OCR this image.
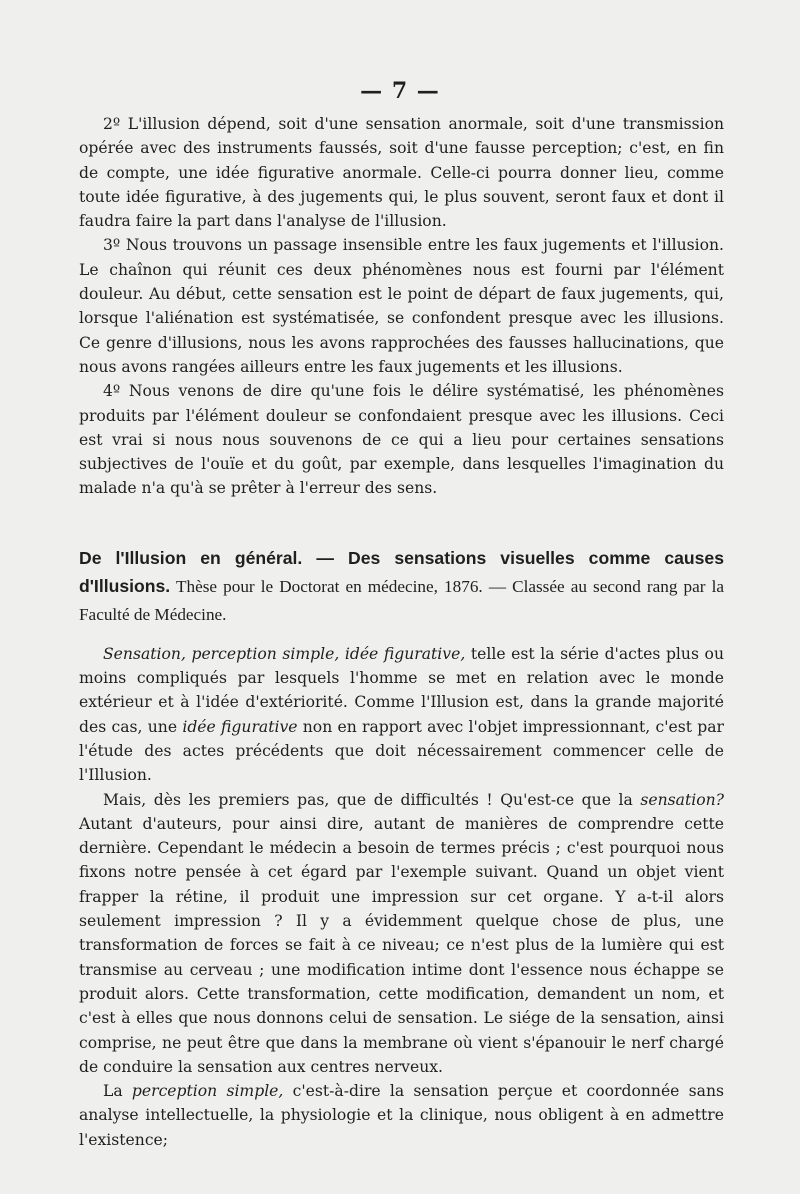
— 7 —

2º L'illusion dépend, soit d'une sensation anormale, soit d'une transmission opérée avec des instruments faussés, soit d'une fausse perception; c'est, en fin de compte, une idée figurative anormale. Celle-ci pourra donner lieu, comme toute idée figurative, à des jugements qui, le plus souvent, seront faux et dont il faudra faire la part dans l'analyse de l'illusion.

3º Nous trouvons un passage insensible entre les faux jugements et l'illusion. Le chaînon qui réunit ces deux phénomènes nous est fourni par l'élément douleur. Au début, cette sensation est le point de départ de faux jugements, qui, lorsque l'aliénation est systématisée, se confondent presque avec les illusions. Ce genre d'illusions, nous les avons rapprochées des fausses hallucinations, que nous avons rangées ailleurs entre les faux jugements et les illusions.

4º Nous venons de dire qu'une fois le délire systématisé, les phénomènes produits par l'élément douleur se confondaient presque avec les illusions. Ceci est vrai si nous nous souvenons de ce qui a lieu pour certaines sensations subjectives de l'ouïe et du goût, par exemple, dans lesquelles l'imagination du malade n'a qu'à se prêter à l'erreur des sens.

De l'Illusion en général. — Des sensations visuelles comme causes d'Illusions. Thèse pour le Doctorat en médecine, 1876. — Classée au second rang par la Faculté de Médecine.

Sensation, perception simple, idée figurative, telle est la série d'actes plus ou moins compliqués par lesquels l'homme se met en relation avec le monde extérieur et à l'idée d'extériorité. Comme l'Illusion est, dans la grande majorité des cas, une idée figurative non en rapport avec l'objet impressionnant, c'est par l'étude des actes précédents que doit nécessairement commencer celle de l'Illusion.

Mais, dès les premiers pas, que de difficultés ! Qu'est-ce que la sensation? Autant d'auteurs, pour ainsi dire, autant de manières de comprendre cette dernière. Cependant le médecin a besoin de termes précis ; c'est pourquoi nous fixons notre pensée à cet égard par l'exemple suivant. Quand un objet vient frapper la rétine, il produit une impression sur cet organe. Y a-t-il alors seulement impression ? Il y a évidemment quelque chose de plus, une transformation de forces se fait à ce niveau; ce n'est plus de la lumière qui est transmise au cerveau ; une modification intime dont l'essence nous échappe se produit alors. Cette transformation, cette modification, demandent un nom, et c'est à elles que nous donnons celui de sensation. Le siége de la sensation, ainsi comprise, ne peut être que dans la membrane où vient s'épanouir le nerf chargé de conduire la sensation aux centres nerveux.

La perception simple, c'est-à-dire la sensation perçue et coordonnée sans analyse intellectuelle, la physiologie et la clinique, nous obligent à en admettre l'existence;
